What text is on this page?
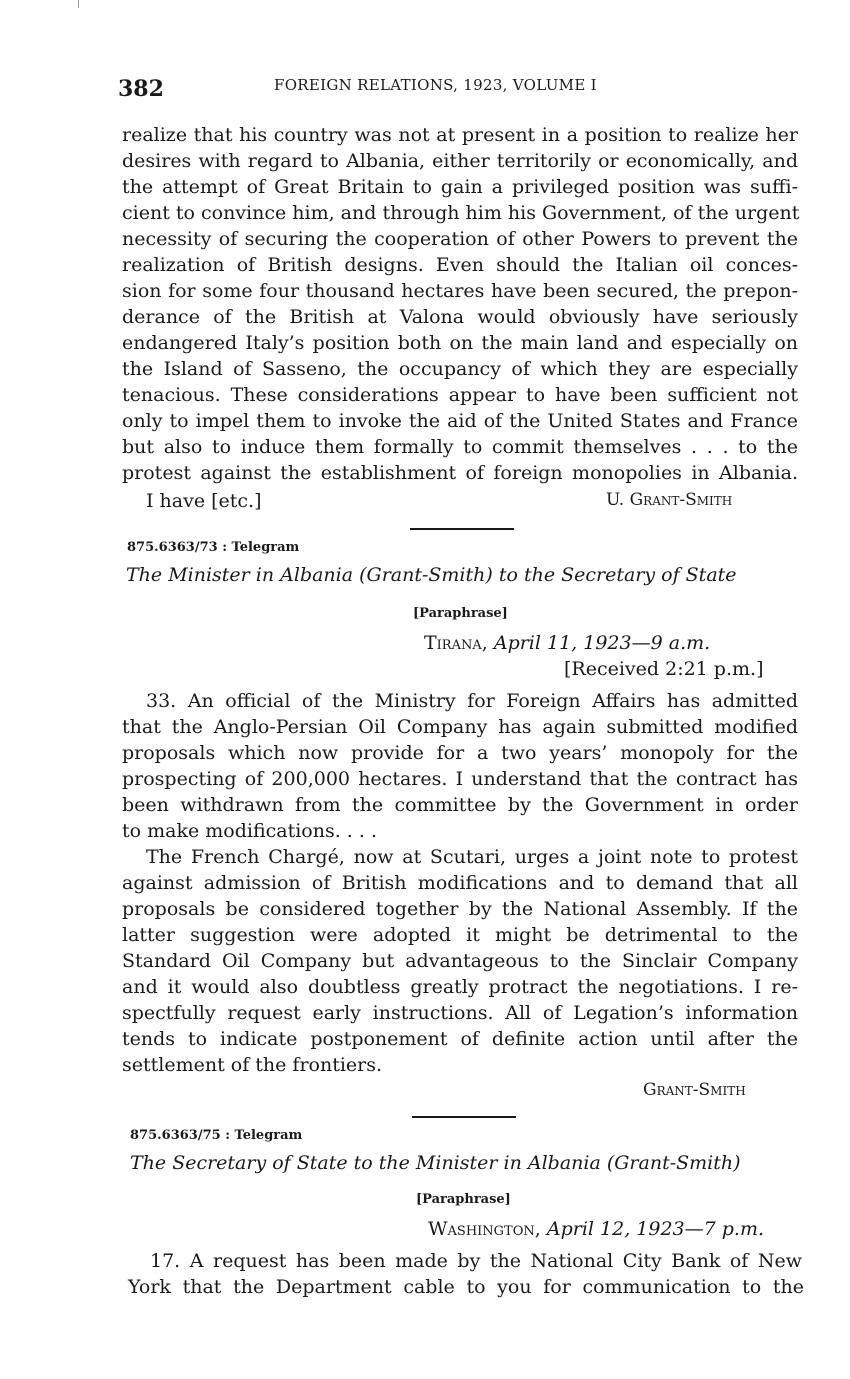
382	FOREIGN RELATIONS, 1923, VOLUME I
realize that his country was not at present in a position to realize her
desires with regard to Albania, either territorily or economically, and
the attempt of Great Britain to gain a privileged position was suffi-
cient to convince him, and through him his Government, of the urgent
necessity of securing the cooperation of other Powers to prevent the
realization of British designs. Even should the Italian oil conces-
sion for some four thousand hectares have been secured, the prepon-
derance of the British at Valona would obviously have seriously
endangered Italy’s position both on the main land and especially on
the Island of Sasseno, the occupancy of which they are especially
tenacious. These considerations appear to have been sufficient not
only to impel them to invoke the aid of the United States and France
but also to induce them formally to commit themselves . . . to the
protest against the establishment of foreign monopolies in Albania.
I have [etc.]	U. Grant-Smith
875.6363/73 : Telegram
The Minister in Albania (Grant-Smith) to the Secretary of State
[Paraphrase]
Tirana, April 11, 1923—9 a.m.
[Received 2:21 p.m.]
33. An official of the Ministry for Foreign Affairs has admitted
that the Anglo-Persian Oil Company has again submitted modified
proposals which now provide for a two years’ monopoly for the
prospecting of 200,000 hectares. I understand that the contract has
been withdrawn from the committee by the Government in order
to make modifications. . . .
The French Chargé, now at Scutari, urges a joint note to protest
against admission of British modifications and to demand that all
proposals be considered together by the National Assembly. If the
latter suggestion were adopted it might be detrimental to the
Standard Oil Company but advantageous to the Sinclair Company
and it would also doubtless greatly protract the negotiations. I re-
spectfully request early instructions. All of Legation’s information
tends to indicate postponement of definite action until after the
settlement of the frontiers.
Grant-Smith
875.6363/75 : Telegram
The Secretary of State to the Minister in Albania (Grant-Smith)
[Paraphrase]
Washington, April 12, 1923—7 p.m.
17. A request has been made by the National City Bank of New
York that the Department cable to you for communication to the
